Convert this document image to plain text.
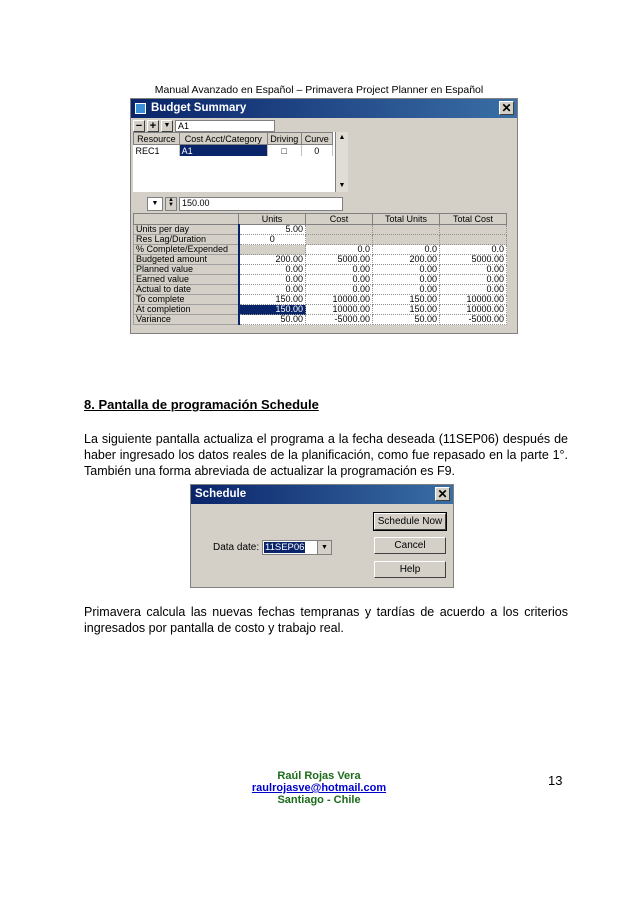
Manual Avanzado en Español – Primavera Project Planner en Español
Budget Summary	✕
− +	▼ A1
Resource	Cost Acct/Category	Driving	Curve
REC1	A1	□	0
▲
▼
▼	▲
▼ 150.00
	Units	Cost	Total Units	Total Cost
Units per day	5.00			
Res Lag/Duration	0			
% Complete/Expended		0.0	0.0	0.0
Budgeted amount	200.00	5000.00	200.00	5000.00
Planned value	0.00	0.00	0.00	0.00
Earned value	0.00	0.00	0.00	0.00
Actual to date	0.00	0.00	0.00	0.00
To complete	150.00	10000.00	150.00	10000.00
At completion	150.00	10000.00	150.00	10000.00
Variance	50.00	-5000.00	50.00	-5000.00
8. Pantalla de programación Schedule
La siguiente pantalla actualiza el programa a la fecha deseada (11SEP06) después de haber ingresado los datos reales de la planificación, como fue repasado en la parte 1°. También una forma abreviada de actualizar la programación es F9.
Schedule	✕
Schedule Now
Cancel
Help
Data date: 11SEP06	▼
Primavera calcula las nuevas fechas tempranas y tardías de acuerdo a los criterios ingresados por pantalla de costo y trabajo real.
Raúl Rojas Vera
raulrojasve@hotmail.com
Santiago - Chile
13
